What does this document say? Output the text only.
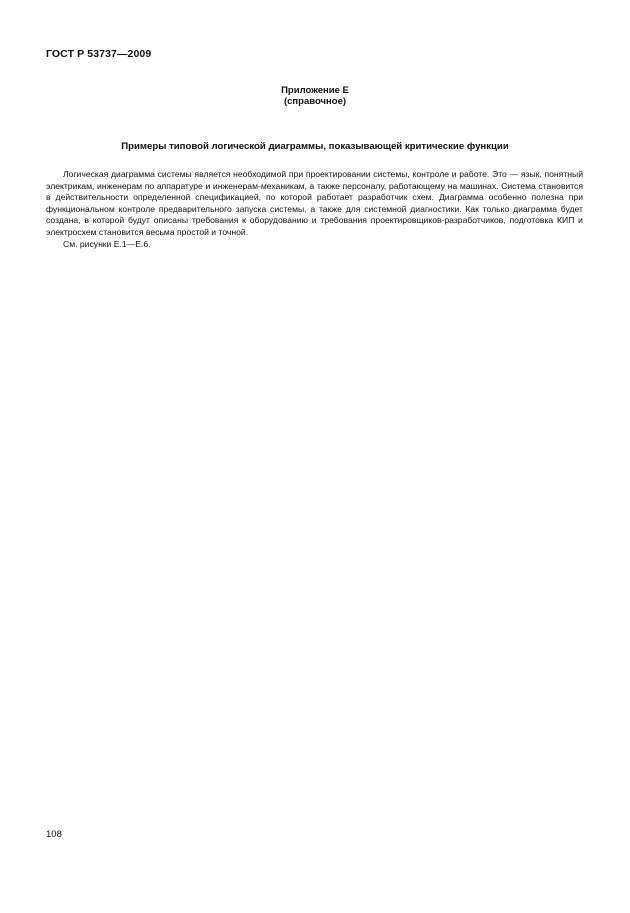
ГОСТ Р 53737—2009
Приложение Е
(справочное)
Примеры типовой логической диаграммы, показывающей критические функции

Логическая диаграмма системы является необходимой при проектировании системы, контроле и работе. Это — язык, понятный электрикам, инженерам по аппаратуре и инженерам-механикам, а также персоналу, работающему на машинах. Система становится в действительности определенной спецификацией, по которой работает разработчик схем. Диаграмма особенно полезна при функциональном контроле предварительного запуска системы, а также для системной диагностики. Как только диаграмма будет создана, в которой будут описаны требования к оборудованию и требования проектировщиков-разработчиков, подготовка КИП и электросхем становится весьма простой и точной.

См. рисунки Е.1—Е.6.

108
